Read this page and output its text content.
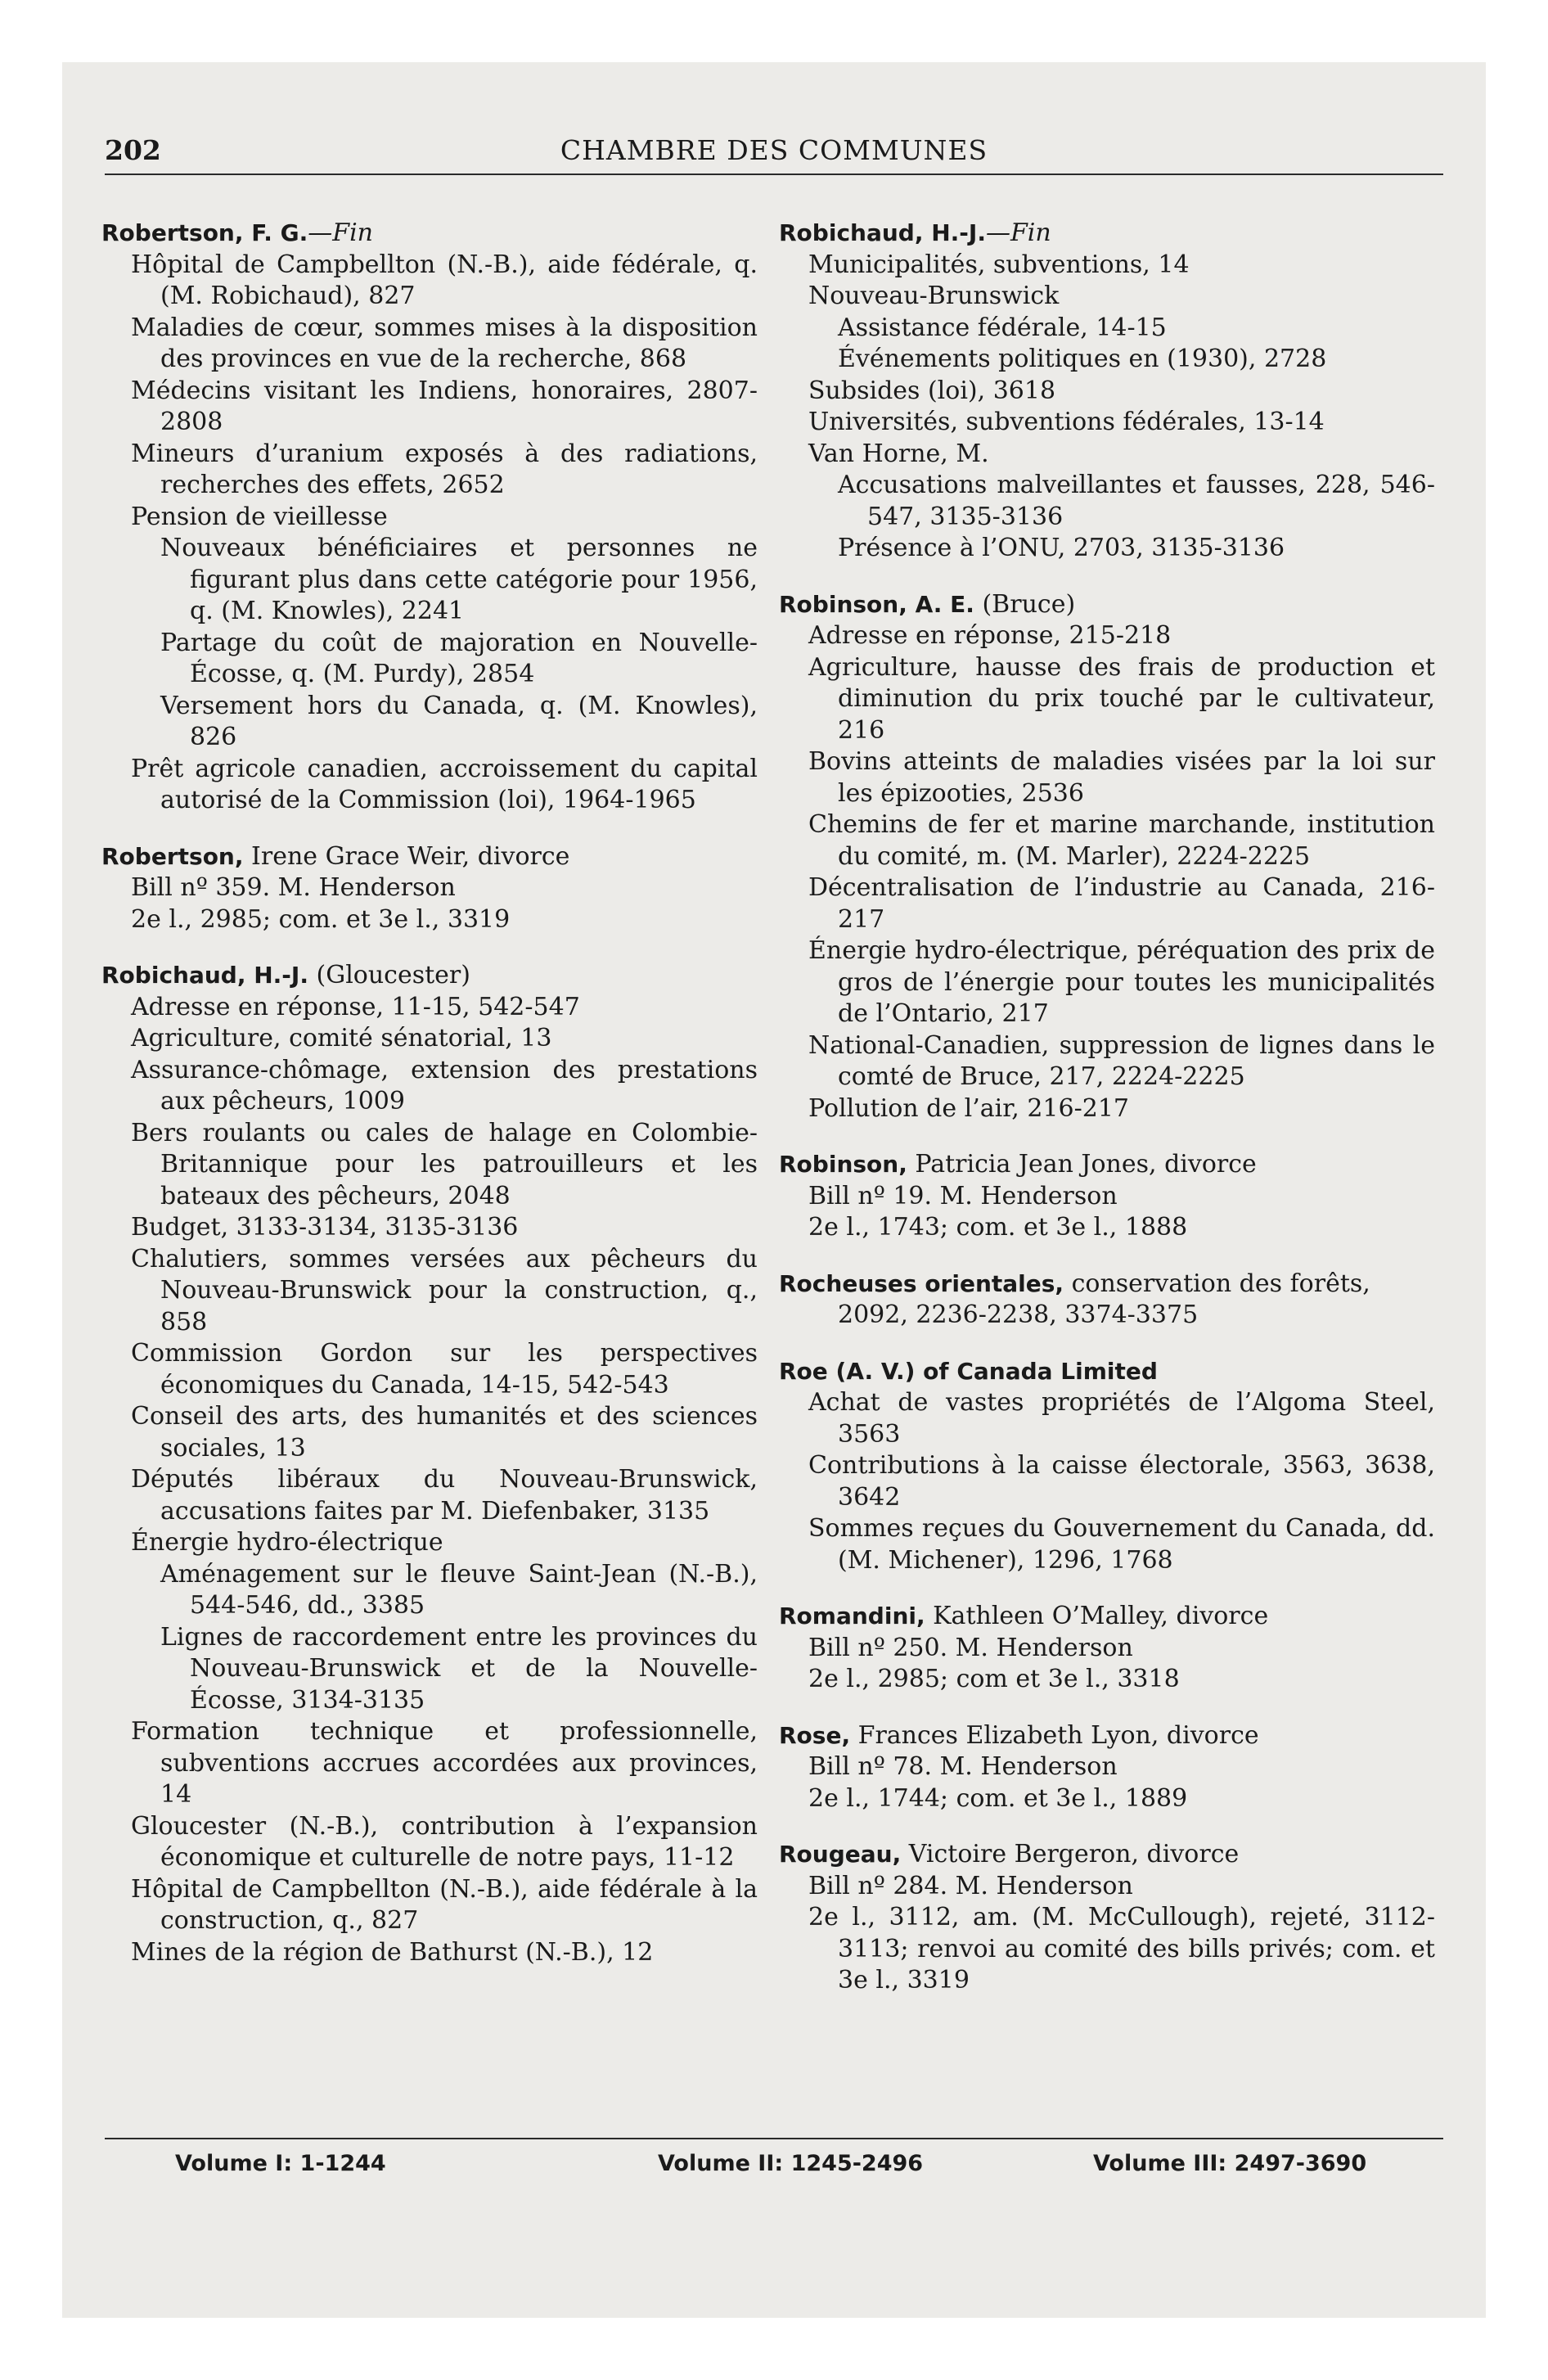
202	CHAMBRE DES COMMUNES
Robertson, F. G.—Fin
Hôpital de Campbellton (N.-B.), aide fédérale, q. (M. Robichaud), 827
Maladies de cœur, sommes mises à la disposition des provinces en vue de la recherche, 868
Médecins visitant les Indiens, honoraires, 2807-2808
Mineurs d’uranium exposés à des radiations, recherches des effets, 2652
Pension de vieillesse
Nouveaux bénéficiaires et personnes ne figurant plus dans cette catégorie pour 1956, q. (M. Knowles), 2241
Partage du coût de majoration en Nouvelle-Écosse, q. (M. Purdy), 2854
Versement hors du Canada, q. (M. Knowles), 826
Prêt agricole canadien, accroissement du capital autorisé de la Commission (loi), 1964-1965
Robertson, Irene Grace Weir, divorce
Bill nº 359. M. Henderson
2e l., 2985; com. et 3e l., 3319
Robichaud, H.-J. (Gloucester)
Adresse en réponse, 11-15, 542-547
Agriculture, comité sénatorial, 13
Assurance-chômage, extension des prestations aux pêcheurs, 1009
Bers roulants ou cales de halage en Colombie-Britannique pour les patrouilleurs et les bateaux des pêcheurs, 2048
Budget, 3133-3134, 3135-3136
Chalutiers, sommes versées aux pêcheurs du Nouveau-Brunswick pour la construction, q., 858
Commission Gordon sur les perspectives économiques du Canada, 14-15, 542-543
Conseil des arts, des humanités et des sciences sociales, 13
Députés libéraux du Nouveau-Brunswick, accusations faites par M. Diefenbaker, 3135
Énergie hydro-électrique
Aménagement sur le fleuve Saint-Jean (N.-B.), 544-546, dd., 3385
Lignes de raccordement entre les provinces du Nouveau-Brunswick et de la Nouvelle-Écosse, 3134-3135
Formation technique et professionnelle, subventions accrues accordées aux provinces, 14
Gloucester (N.-B.), contribution à l’expansion économique et culturelle de notre pays, 11-12
Hôpital de Campbellton (N.-B.), aide fédérale à la construction, q., 827
Mines de la région de Bathurst (N.-B.), 12
Robichaud, H.-J.—Fin
Municipalités, subventions, 14
Nouveau-Brunswick
Assistance fédérale, 14-15
Événements politiques en (1930), 2728
Subsides (loi), 3618
Universités, subventions fédérales, 13-14
Van Horne, M.
Accusations malveillantes et fausses, 228, 546-547, 3135-3136
Présence à l’ONU, 2703, 3135-3136
Robinson, A. E. (Bruce)
Adresse en réponse, 215-218
Agriculture, hausse des frais de production et diminution du prix touché par le cultivateur, 216
Bovins atteints de maladies visées par la loi sur les épizooties, 2536
Chemins de fer et marine marchande, institution du comité, m. (M. Marler), 2224-2225
Décentralisation de l’industrie au Canada, 216-217
Énergie hydro-électrique, péréquation des prix de gros de l’énergie pour toutes les municipalités de l’Ontario, 217
National-Canadien, suppression de lignes dans le comté de Bruce, 217, 2224-2225
Pollution de l’air, 216-217
Robinson, Patricia Jean Jones, divorce
Bill nº 19. M. Henderson
2e l., 1743; com. et 3e l., 1888
Rocheuses orientales, conservation des forêts,
2092, 2236-2238, 3374-3375
Roe (A. V.) of Canada Limited
Achat de vastes propriétés de l’Algoma Steel, 3563
Contributions à la caisse électorale, 3563, 3638, 3642
Sommes reçues du Gouvernement du Canada, dd. (M. Michener), 1296, 1768
Romandini, Kathleen O’Malley, divorce
Bill nº 250. M. Henderson
2e l., 2985; com et 3e l., 3318
Rose, Frances Elizabeth Lyon, divorce
Bill nº 78. M. Henderson
2e l., 1744; com. et 3e l., 1889
Rougeau, Victoire Bergeron, divorce
Bill nº 284. M. Henderson
2e l., 3112, am. (M. McCullough), rejeté, 3112-3113; renvoi au comité des bills privés; com. et 3e l., 3319
Volume I: 1-1244	Volume II: 1245-2496	Volume III: 2497-3690
